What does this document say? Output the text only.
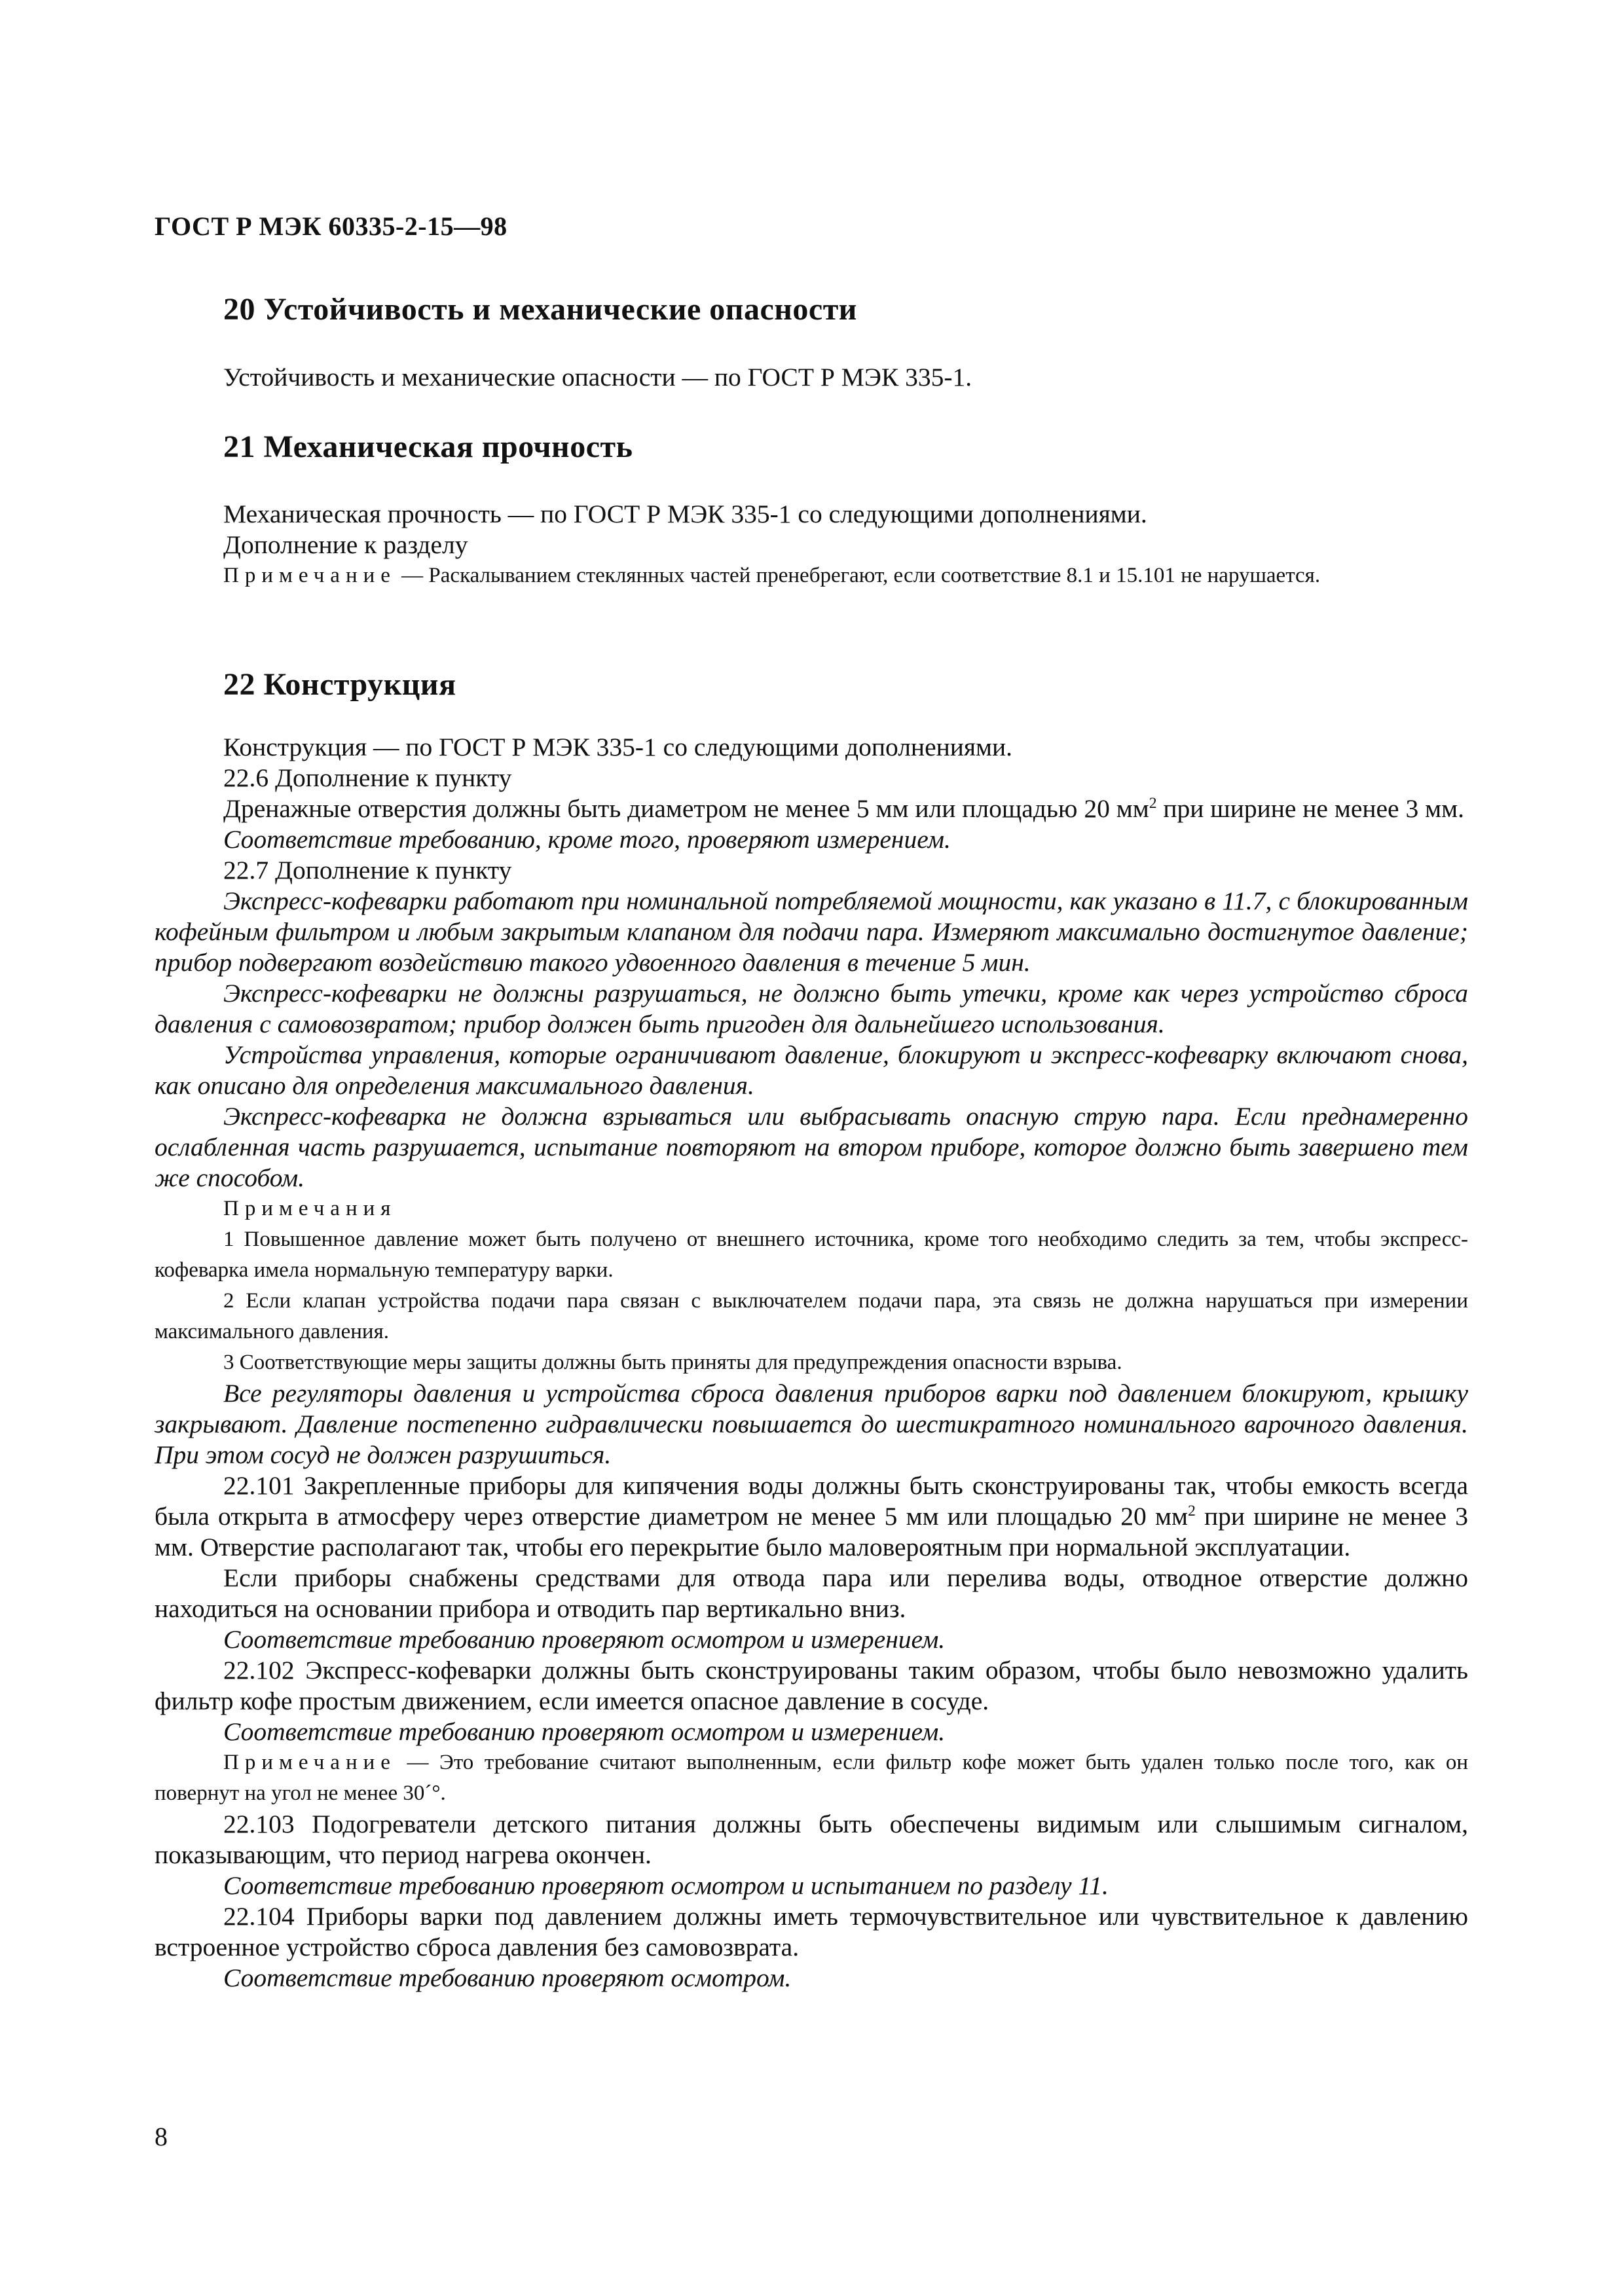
ГОСТ Р МЭК 60335-2-15—98
20 Устойчивость и механические опасности

Устойчивость и механические опасности — по ГОСТ Р МЭК 335-1.

21 Механическая прочность

Механическая прочность — по ГОСТ Р МЭК 335-1 со следующими дополнениями.

Дополнение к разделу

Примечание — Раскалыванием стеклянных частей пренебрегают, если соответствие 8.1 и 15.101 не нарушается.

22 Конструкция

Конструкция — по ГОСТ Р МЭК 335-1 со следующими дополнениями.

22.6 Дополнение к пункту

Дренажные отверстия должны быть диаметром не менее 5 мм или площадью 20 $мм^2$ при ширине не менее 3 мм.

Соответствие требованию, кроме того, проверяют измерением.

22.7 Дополнение к пункту

Экспресс-кофеварки работают при номинальной потребляемой мощности, как указано в 11.7, с блокированным кофейным фильтром и любым закрытым клапаном для подачи пара. Измеряют максимально достигнутое давление; прибор подвергают воздействию такого удвоенного давления в течение 5 мин.

Экспресс-кофеварки не должны разрушаться, не должно быть утечки, кроме как через устройство сброса давления с самовозвратом; прибор должен быть пригоден для дальнейшего использования.

Устройства управления, которые ограничивают давление, блокируют и экспресс-кофеварку включают снова, как описано для определения максимального давления.

Экспресс-кофеварка не должна взрываться или выбрасывать опасную струю пара. Если преднамеренно ослабленная часть разрушается, испытание повторяют на втором приборе, которое должно быть завершено тем же способом.

Примечания

1 Повышенное давление может быть получено от внешнего источника, кроме того необходимо следить за тем, чтобы экспресс-кофеварка имела нормальную температуру варки.

2 Если клапан устройства подачи пара связан с выключателем подачи пара, эта связь не должна нарушаться при измерении максимального давления.

3 Соответствующие меры защиты должны быть приняты для предупреждения опасности взрыва.

Все регуляторы давления и устройства сброса давления приборов варки под давлением блокируют, крышку закрывают. Давление постепенно гидравлически повышается до шестикратного номинального варочного давления. При этом сосуд не должен разрушиться.

22.101 Закрепленные приборы для кипячения воды должны быть сконструированы так, чтобы емкость всегда была открыта в атмосферу через отверстие диаметром не менее 5 мм или площадью 20 $мм^2$ при ширине не менее 3 мм. Отверстие располагают так, чтобы его перекрытие было маловероятным при нормальной эксплуатации.

Если приборы снабжены средствами для отвода пара или перелива воды, отводное отверстие должно находиться на основании прибора и отводить пар вертикально вниз.

Соответствие требованию проверяют осмотром и измерением.

22.102 Экспресс-кофеварки должны быть сконструированы таким образом, чтобы было невозможно удалить фильтр кофе простым движением, если имеется опасное давление в сосуде.

Соответствие требованию проверяют осмотром и измерением.

Примечание — Это требование считают выполненным, если фильтр кофе может быть удален только после того, как он повернут на угол не менее 30´°.

22.103 Подогреватели детского питания должны быть обеспечены видимым или слышимым сигналом, показывающим, что период нагрева окончен.

Соответствие требованию проверяют осмотром и испытанием по разделу 11.

22.104 Приборы варки под давлением должны иметь термочувствительное или чувствительное к давлению встроенное устройство сброса давления без самовозврата.

Соответствие требованию проверяют осмотром.

8
